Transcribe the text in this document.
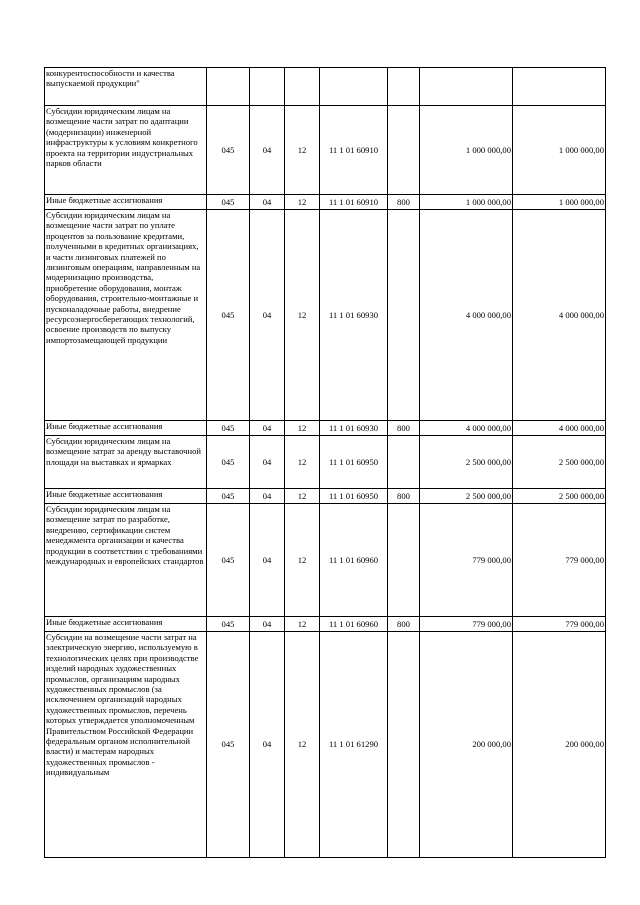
конкурентоспособности и качества выпускаемой продукции"							
Субсидии юридическим лицам на возмещение части затрат по адаптации (модернизации) инженерной инфраструктуры к условиям конкретного проекта на территории индустриальных парков области	045	04	12	11 1 01 60910		1 000 000,00	1 000 000,00
Иные бюджетные ассигнования	045	04	12	11 1 01 60910	800	1 000 000,00	1 000 000,00
Субсидии юридическим лицам на возмещение части затрат по уплате процентов за пользование кредитами, полученными в кредитных организациях, и части лизинговых платежей по лизинговым операциям, направленным на модернизацию производства, приобретение оборудования, монтаж оборудования, строительно-монтажные и пусконаладочные работы, внедрение ресурсоэнергосберегающих технологий, освоение производств по выпуску импортозамещающей продукции	045	04	12	11 1 01 60930		4 000 000,00	4 000 000,00
Иные бюджетные ассигнования	045	04	12	11 1 01 60930	800	4 000 000,00	4 000 000,00
Субсидии юридическим лицам на возмещение затрат за аренду выставочной площади на выставках и ярмарках	045	04	12	11 1 01 60950		2 500 000,00	2 500 000,00
Иные бюджетные ассигнования	045	04	12	11 1 01 60950	800	2 500 000,00	2 500 000,00
Субсидии юридическим лицам на возмещение затрат по разработке, внедрению, сертификации систем менеджмента организации и качества продукции в соответствии с требованиями международных и европейских стандартов	045	04	12	11 1 01 60960		779 000,00	779 000,00
Иные бюджетные ассигнования	045	04	12	11 1 01 60960	800	779 000,00	779 000,00
Субсидии на возмещение части затрат на электрическую энергию, используемую в технологических целях при производстве изделий народных художественных промыслов, организациям народных художественных промыслов (за исключением организаций народных художественных промыслов, перечень которых утверждается уполномоченным Правительством Российской Федерации федеральным органом исполнительной власти) и мастерам народных художественных промыслов - индивидуальным	045	04	12	11 1 01 61290		200 000,00	200 000,00
